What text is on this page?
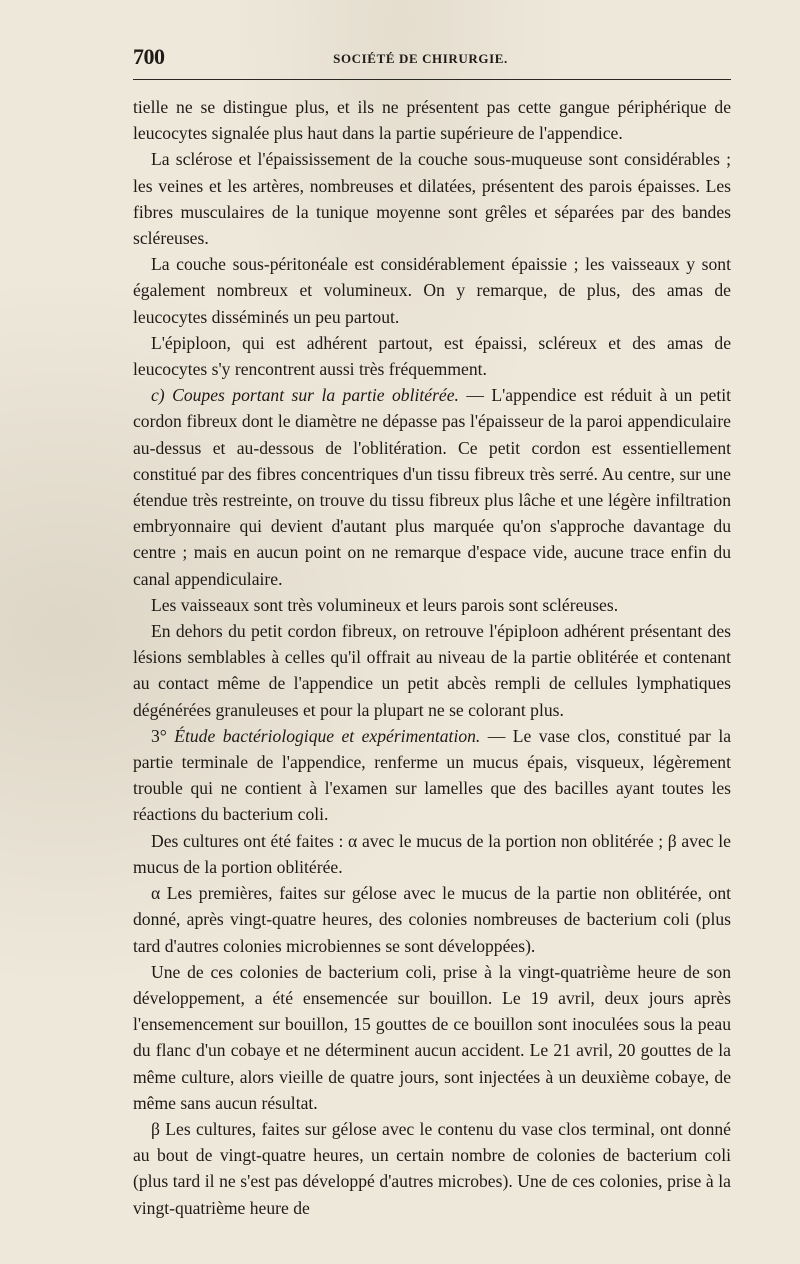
700	SOCIÉTÉ DE CHIRURGIE.

tielle ne se distingue plus, et ils ne présentent pas cette gangue périphérique de leucocytes signalée plus haut dans la partie supérieure de l'appendice.

La sclérose et l'épaississement de la couche sous-muqueuse sont considérables ; les veines et les artères, nombreuses et dilatées, présentent des parois épaisses. Les fibres musculaires de la tunique moyenne sont grêles et séparées par des bandes scléreuses.

La couche sous-péritonéale est considérablement épaissie ; les vaisseaux y sont également nombreux et volumineux. On y remarque, de plus, des amas de leucocytes disséminés un peu partout.

L'épiploon, qui est adhérent partout, est épaissi, scléreux et des amas de leucocytes s'y rencontrent aussi très fréquemment.

c) Coupes portant sur la partie oblitérée. — L'appendice est réduit à un petit cordon fibreux dont le diamètre ne dépasse pas l'épaisseur de la paroi appendiculaire au-dessus et au-dessous de l'oblitération. Ce petit cordon est essentiellement constitué par des fibres concentriques d'un tissu fibreux très serré. Au centre, sur une étendue très restreinte, on trouve du tissu fibreux plus lâche et une légère infiltration embryonnaire qui devient d'autant plus marquée qu'on s'approche davantage du centre ; mais en aucun point on ne remarque d'espace vide, aucune trace enfin du canal appendiculaire.

Les vaisseaux sont très volumineux et leurs parois sont scléreuses.

En dehors du petit cordon fibreux, on retrouve l'épiploon adhérent présentant des lésions semblables à celles qu'il offrait au niveau de la partie oblitérée et contenant au contact même de l'appendice un petit abcès rempli de cellules lymphatiques dégénérées granuleuses et pour la plupart ne se colorant plus.

3° Étude bactériologique et expérimentation. — Le vase clos, constitué par la partie terminale de l'appendice, renferme un mucus épais, visqueux, légèrement trouble qui ne contient à l'examen sur lamelles que des bacilles ayant toutes les réactions du bacterium coli.

Des cultures ont été faites : α avec le mucus de la portion non oblitérée ; β avec le mucus de la portion oblitérée.

α Les premières, faites sur gélose avec le mucus de la partie non oblitérée, ont donné, après vingt-quatre heures, des colonies nombreuses de bacterium coli (plus tard d'autres colonies microbiennes se sont développées).

Une de ces colonies de bacterium coli, prise à la vingt-quatrième heure de son développement, a été ensemencée sur bouillon. Le 19 avril, deux jours après l'ensemencement sur bouillon, 15 gouttes de ce bouillon sont inoculées sous la peau du flanc d'un cobaye et ne déterminent aucun accident. Le 21 avril, 20 gouttes de la même culture, alors vieille de quatre jours, sont injectées à un deuxième cobaye, de même sans aucun résultat.

β Les cultures, faites sur gélose avec le contenu du vase clos terminal, ont donné au bout de vingt-quatre heures, un certain nombre de colonies de bacterium coli (plus tard il ne s'est pas développé d'autres microbes). Une de ces colonies, prise à la vingt-quatrième heure de
